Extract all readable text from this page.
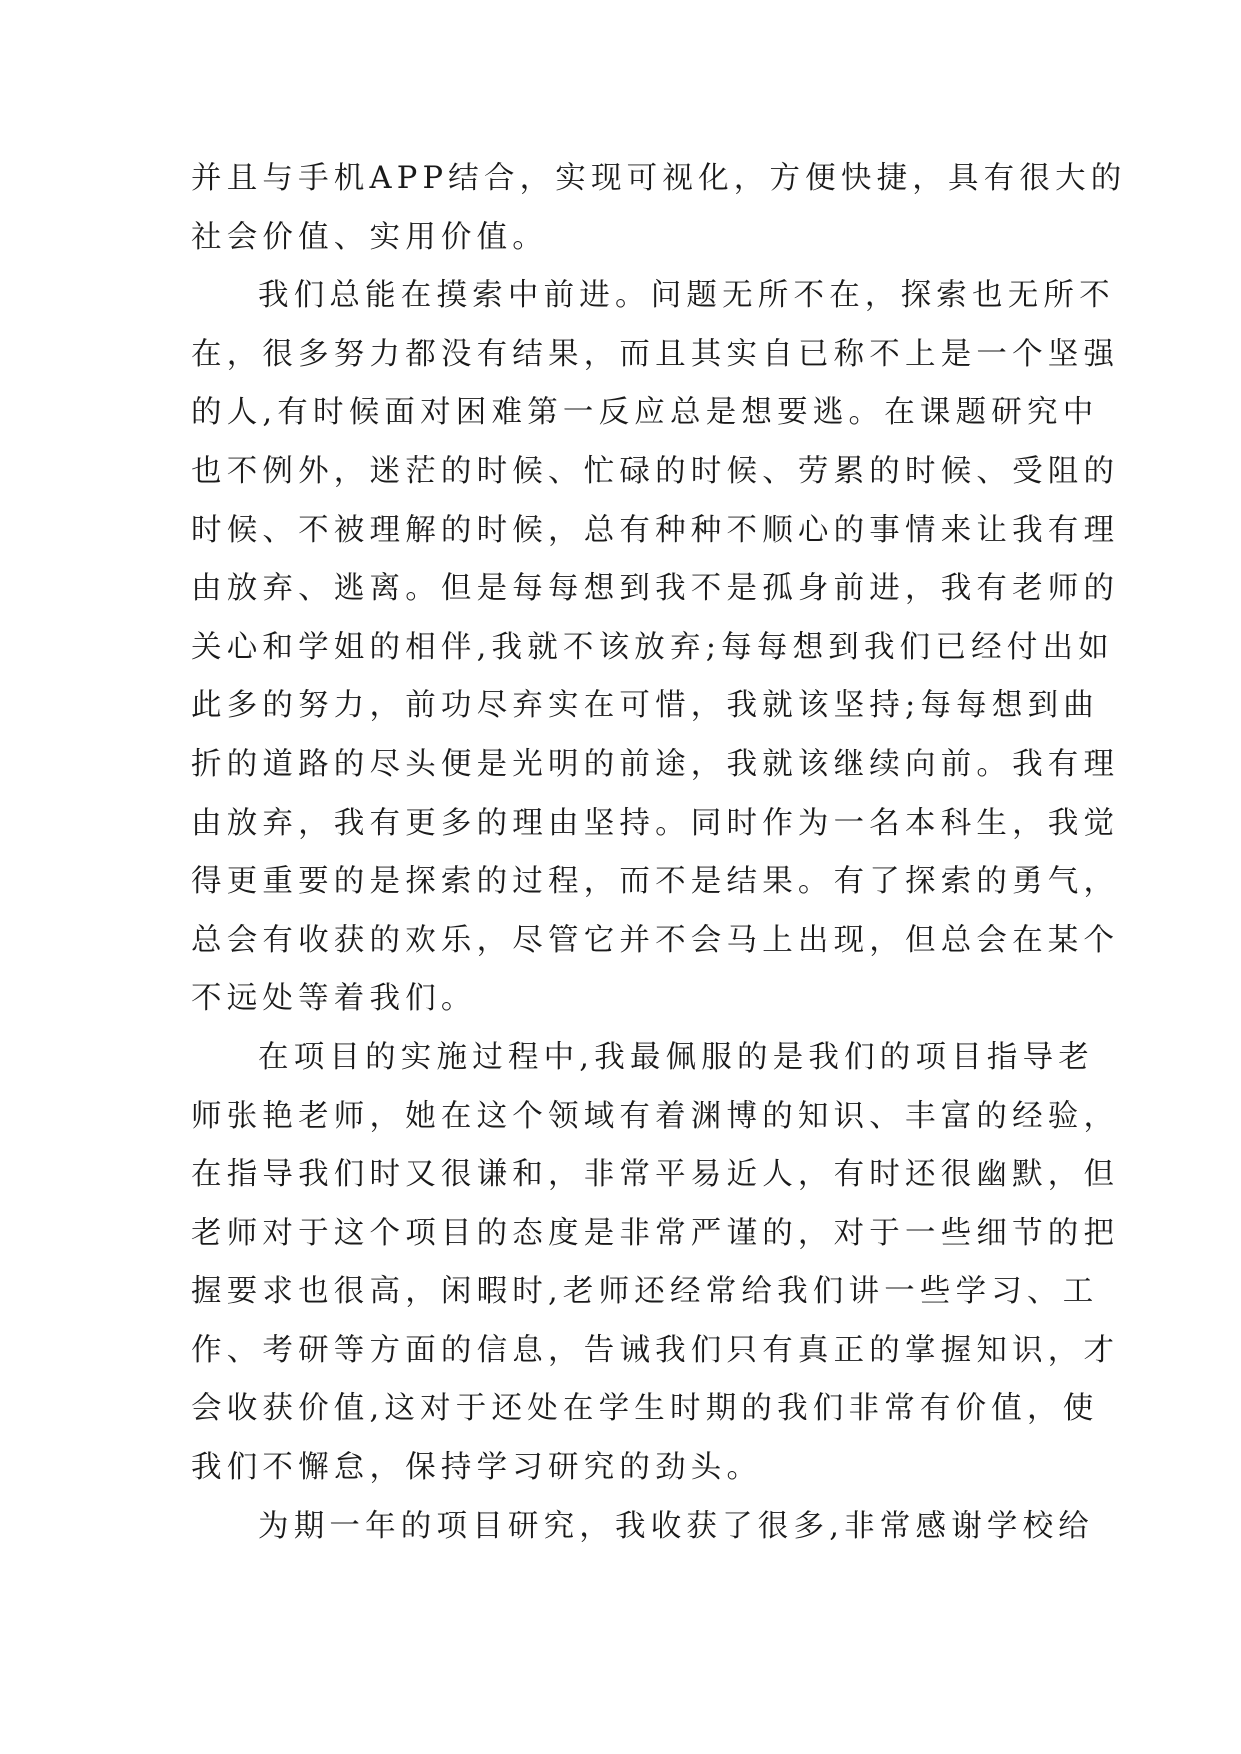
并且与手机APP结合，实现可视化，方便快捷，具有很大的
社会价值、实用价值。
我们总能在摸索中前进。问题无所不在，探索也无所不
在，很多努力都没有结果，而且其实自已称不上是一个坚强
的人,有时候面对困难第一反应总是想要逃。在课题研究中
也不例外，迷茫的时候、忙碌的时候、劳累的时候、受阻的
时候、不被理解的时候，总有种种不顺心的事情来让我有理
由放弃、逃离。但是每每想到我不是孤身前进，我有老师的
关心和学姐的相伴,我就不该放弃;每每想到我们已经付出如
此多的努力，前功尽弃实在可惜，我就该坚持;每每想到曲
折的道路的尽头便是光明的前途，我就该继续向前。我有理
由放弃，我有更多的理由坚持。同时作为一名本科生，我觉
得更重要的是探索的过程，而不是结果。有了探索的勇气，
总会有收获的欢乐，尽管它并不会马上出现，但总会在某个
不远处等着我们。
在项目的实施过程中,我最佩服的是我们的项目指导老
师张艳老师，她在这个领域有着渊博的知识、丰富的经验，
在指导我们时又很谦和，非常平易近人，有时还很幽默，但
老师对于这个项目的态度是非常严谨的，对于一些细节的把
握要求也很高，闲暇时,老师还经常给我们讲一些学习、工
作、考研等方面的信息，告诫我们只有真正的掌握知识，才
会收获价值,这对于还处在学生时期的我们非常有价值，使
我们不懈怠，保持学习研究的劲头。
为期一年的项目研究，我收获了很多,非常感谢学校给
